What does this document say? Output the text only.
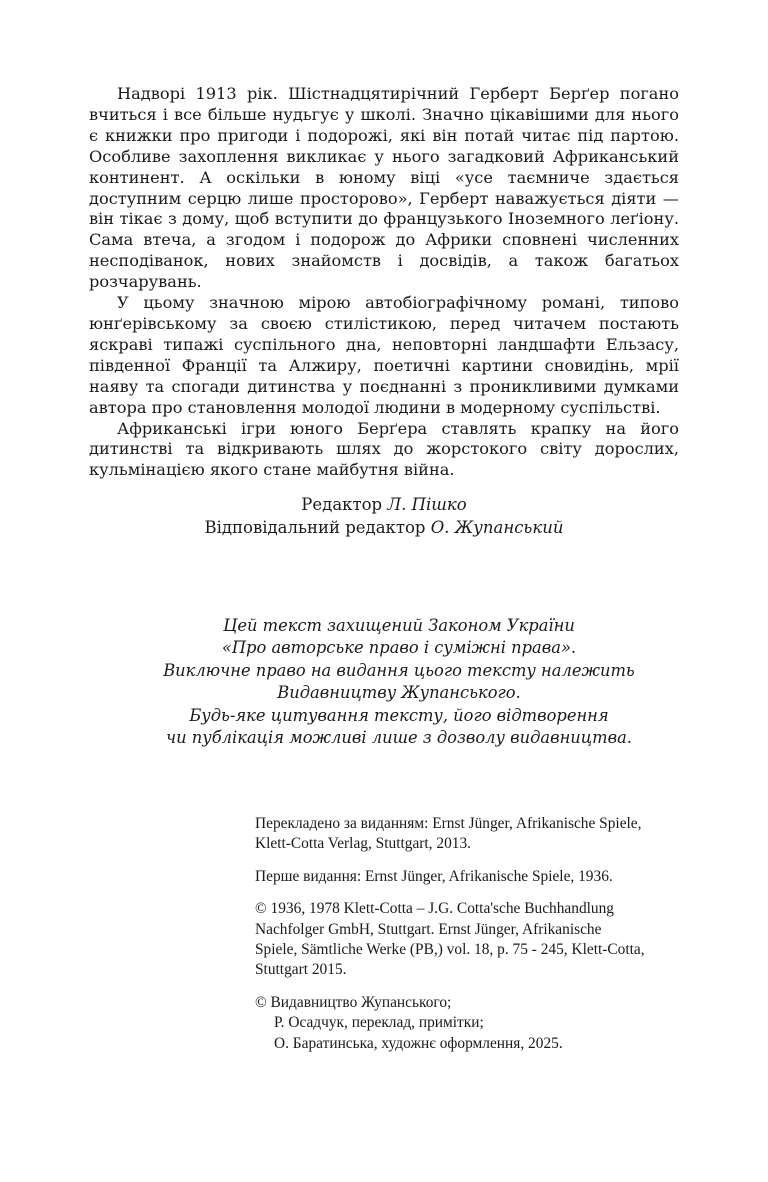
Надворі 1913 рік. Шістнадцятирічний Герберт Берґер погано вчиться і все більше нудьгує у школі. Значно цікавішими для нього є книжки про пригоди і подорожі, які він потай читає під партою. Особливе захоплення викликає у нього загадковий Африканський континент. А оскільки в юному віці «усе таємниче здається доступним серцю лише просторово», Герберт наважується діяти — він тікає з дому, щоб вступити до французького Іноземного леґіону. Сама втеча, а згодом і подорож до Африки сповнені численних несподіванок, нових знайомств і досвідів, а також багатьох розчарувань.

У цьому значною мірою автобіографічному романі, типово юнґерівському за своєю стилістикою, перед читачем постають яскраві типажі суспільного дна, неповторні ландшафти Ельзасу, південної Франції та Алжиру, поетичні картини сновидінь, мрії наяву та спогади дитинства у поєднанні з проникливими думками автора про становлення молодої людини в модерному суспільстві.

Африканські ігри юного Берґера ставлять крапку на його дитинстві та відкривають шлях до жорстокого світу дорослих, кульмінацією якого стане майбутня війна.

Редактор Л. Пішко

Відповідальний редактор О. Жупанський

Цей текст захищений Законом України

«Про авторське право і суміжні права».

Виключне право на видання цього тексту належить

Видавництву Жупанського.

Будь-яке цитування тексту, його відтворення

чи публікація можливі лише з дозволу видавництва.

Перекладено за виданням: Ernst Jünger, Afrikanische Spiele,

Klett-Cotta Verlag, Stuttgart, 2013.

Перше видання: Ernst Jünger, Afrikanische Spiele, 1936.

© 1936, 1978 Klett-Cotta – J.G. Cotta'sche Buchhandlung

Nachfolger GmbH, Stuttgart. Ernst Jünger, Afrikanische

Spiele, Sämtliche Werke (PB,) vol. 18, p. 75 - 245, Klett-Cotta,

Stuttgart 2015.

© Видавництво Жупанського;

Р. Осадчук, переклад, примітки;

О. Баратинська, художнє оформлення, 2025.
